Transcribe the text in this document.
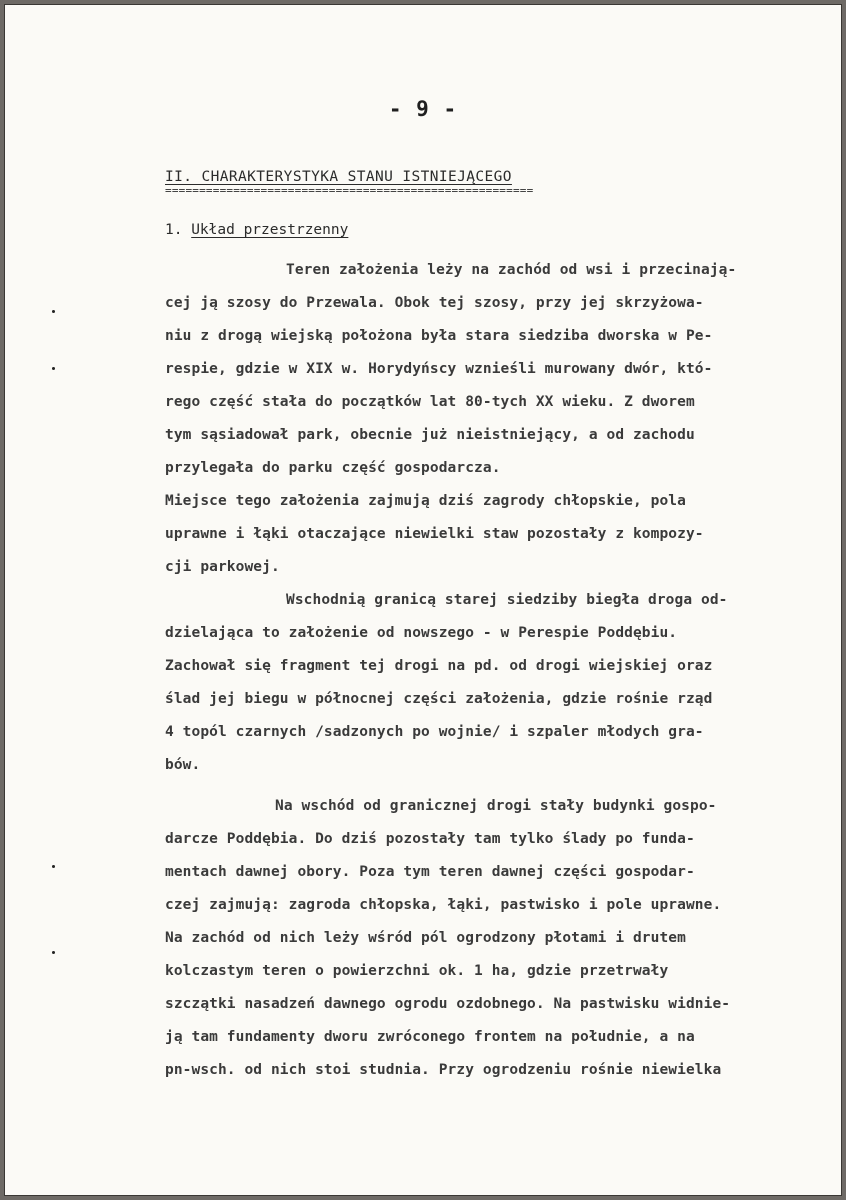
- 9 -
II. CHARAKTERYSTYKA STANU ISTNIEJĄCEGO
======================================================
1. Układ przestrzenny
Teren założenia leży na zachód od wsi i przecinają-
cej ją szosy do Przewala. Obok tej szosy, przy jej skrzyżowa-
niu z drogą wiejską położona była stara siedziba dworska w Pe-
respie, gdzie w XIX w. Horydyńscy wznieśli murowany dwór, któ-
rego część stała do początków lat 80-tych XX wieku. Z dworem
tym sąsiadował park, obecnie już nieistniejący, a od zachodu
przylegała do parku część gospodarcza.
Miejsce tego założenia zajmują dziś zagrody chłopskie, pola
uprawne i łąki otaczające niewielki staw pozostały z kompozy-
cji parkowej.
Wschodnią granicą starej siedziby biegła droga od-
dzielająca to założenie od nowszego - w Perespie Poddębiu.
Zachował się fragment tej drogi na pd. od drogi wiejskiej oraz
ślad jej biegu w północnej części założenia, gdzie rośnie rząd
4 topól czarnych /sadzonych po wojnie/ i szpaler młodych gra-
bów.
Na wschód od granicznej drogi stały budynki gospo-
darcze Poddębia. Do dziś pozostały tam tylko ślady po funda-
mentach dawnej obory. Poza tym teren dawnej części gospodar-
czej zajmują: zagroda chłopska, łąki, pastwisko i pole uprawne.
Na zachód od nich leży wśród pól ogrodzony płotami i drutem
kolczastym teren o powierzchni ok. 1 ha, gdzie przetrwały
szczątki nasadzeń dawnego ogrodu ozdobnego. Na pastwisku widnie-
ją tam fundamenty dworu zwróconego frontem na południe, a na
pn-wsch. od nich stoi studnia. Przy ogrodzeniu rośnie niewielka
